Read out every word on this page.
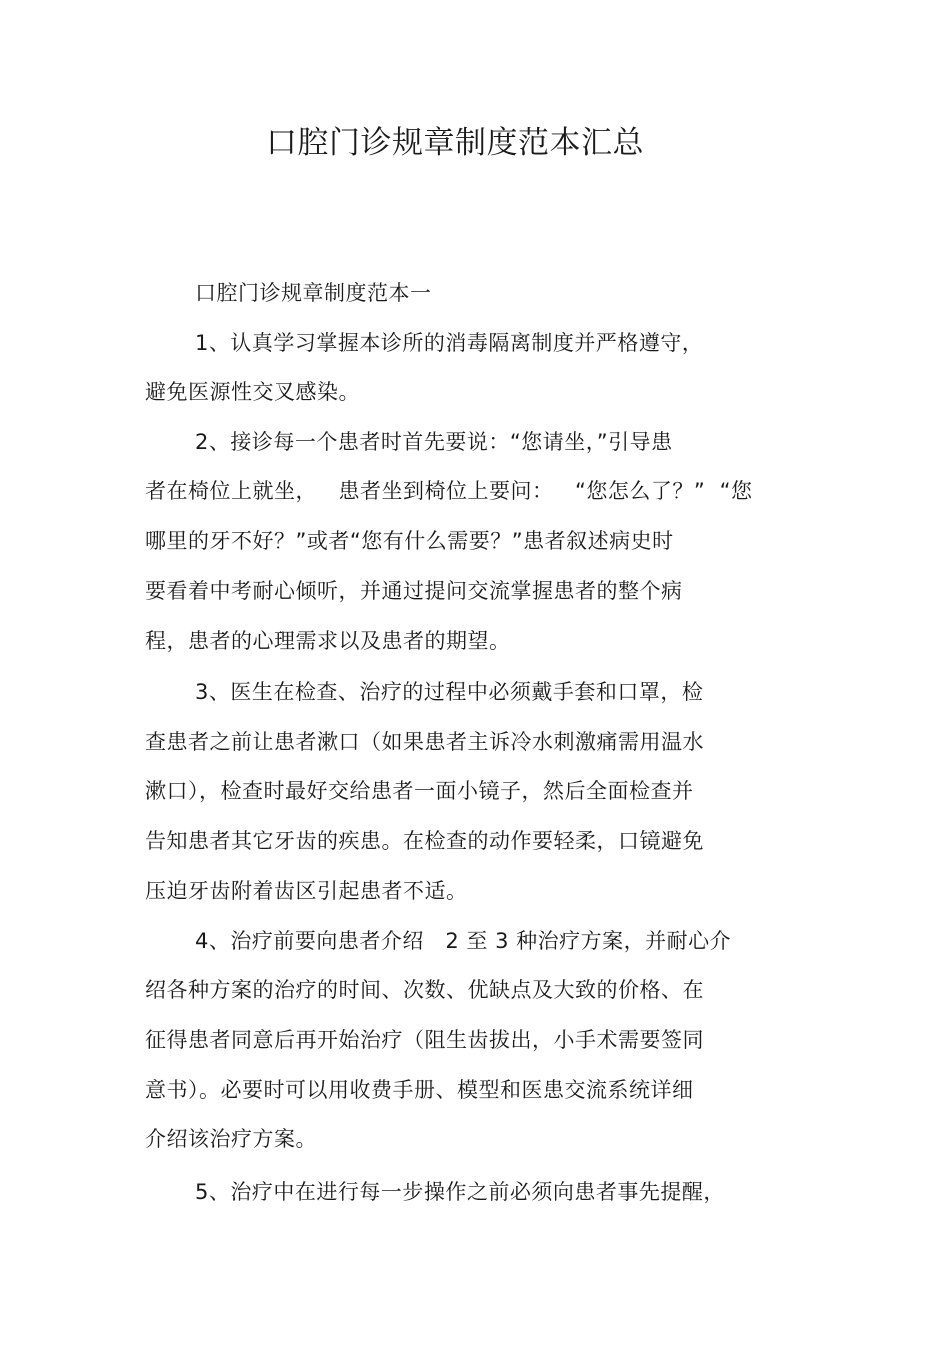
口腔门诊规章制度范本汇总
口腔门诊规章制度范本一
1、认真学习掌握本诊所的消毒隔离制度并严格遵守，
避免医源性交叉感染。
2、接诊每一个患者时首先要说：“您请坐，”引导患
者在椅位上就坐，   患者坐到椅位上要问：   “您怎么了？”  “您
哪里的牙不好？”或者“您有什么需要？”患者叙述病史时
要看着中考耐心倾听，并通过提问交流掌握患者的整个病
程，患者的心理需求以及患者的期望。
3、医生在检查、治疗的过程中必须戴手套和口罩，检
查患者之前让患者漱口（如果患者主诉冷水刺激痛需用温水
漱口），检查时最好交给患者一面小镜子，然后全面检查并
告知患者其它牙齿的疾患。在检查的动作要轻柔，口镜避免
压迫牙齿附着齿区引起患者不适。
4、治疗前要向患者介绍   2 至 3 种治疗方案，并耐心介
绍各种方案的治疗的时间、次数、优缺点及大致的价格、在
征得患者同意后再开始治疗（阻生齿拔出，小手术需要签同
意书）。必要时可以用收费手册、模型和医患交流系统详细
介绍该治疗方案。
5、治疗中在进行每一步操作之前必须向患者事先提醒，
